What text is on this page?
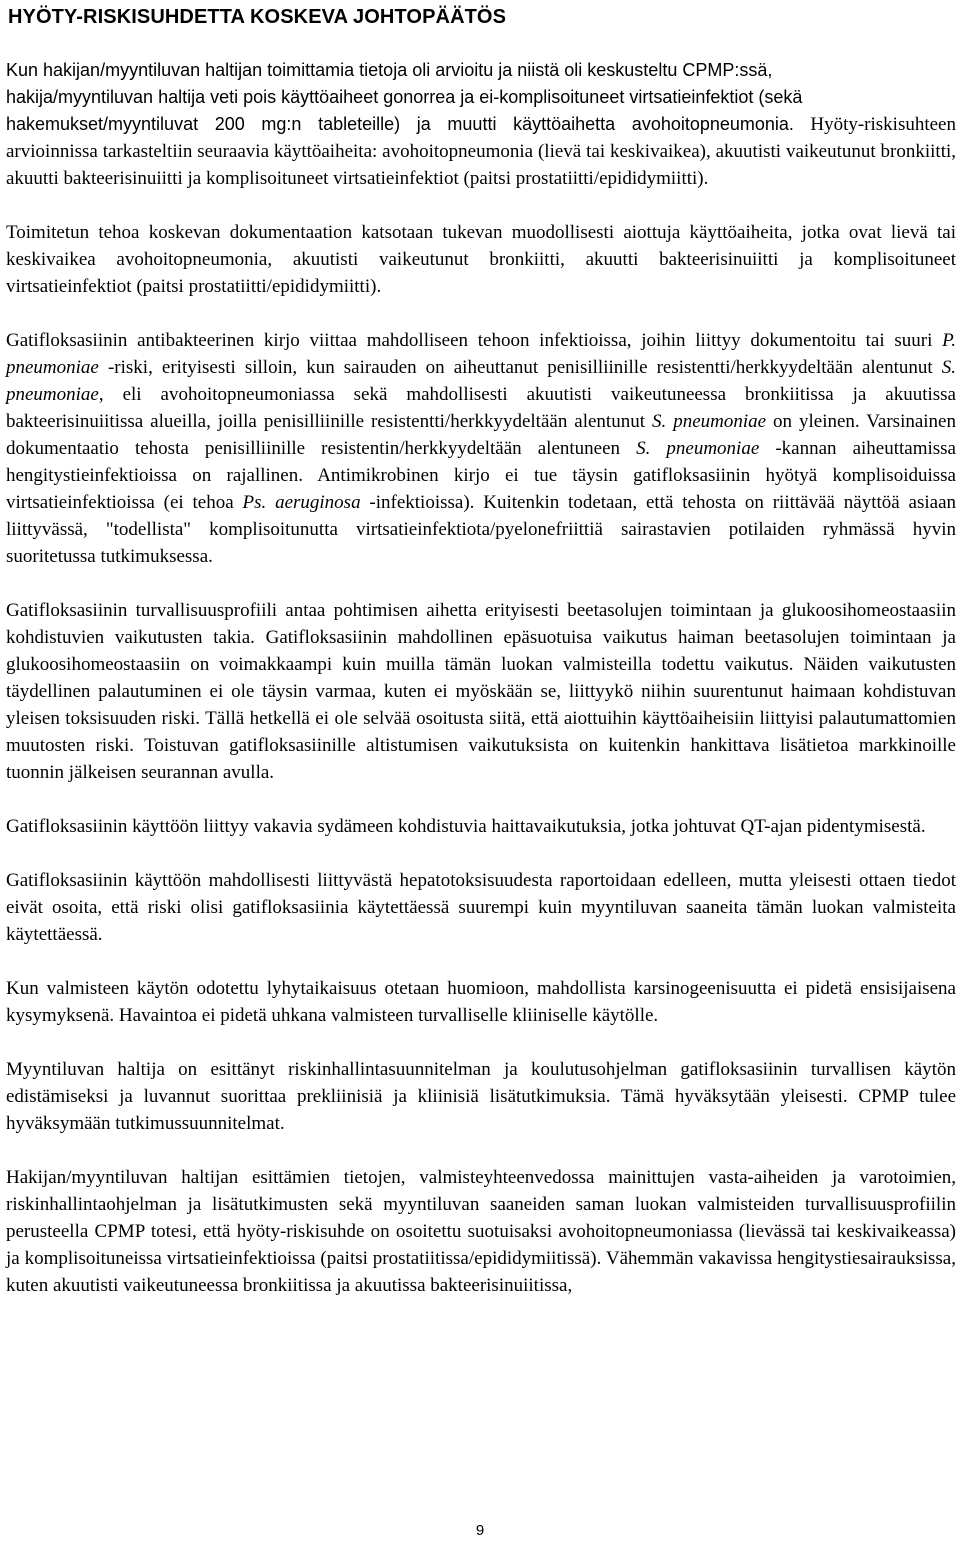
HYÖTY-RISKISUHDETTA KOSKEVA JOHTOPÄÄTÖS
Kun hakijan/myyntiluvan haltijan toimittamia tietoja oli arvioitu ja niistä oli keskusteltu CPMP:ssä,
hakija/myyntiluvan haltija veti pois käyttöaiheet gonorrea ja ei-komplisoituneet virtsatieinfektiot (sekä
hakemukset/myyntiluvat 200 mg:n tableteille) ja muutti käyttöaihetta avohoitopneumonia. Hyöty-riskisuhteen arvioinnissa tarkasteltiin seuraavia käyttöaiheita: avohoitopneumonia (lievä tai keskivaikea), akuutisti vaikeutunut bronkiitti, akuutti bakteerisinuiitti ja komplisoituneet virtsatieinfektiot (paitsi prostatiitti/epididymiitti).

Toimitetun tehoa koskevan dokumentaation katsotaan tukevan muodollisesti aiottuja käyttöaiheita, jotka ovat lievä tai keskivaikea avohoitopneumonia, akuutisti vaikeutunut bronkiitti, akuutti bakteerisinuiitti ja komplisoituneet virtsatieinfektiot (paitsi prostatiitti/epididymiitti).

Gatifloksasiinin antibakteerinen kirjo viittaa mahdolliseen tehoon infektioissa, joihin liittyy dokumentoitu tai suuri P. pneumoniae -riski, erityisesti silloin, kun sairauden on aiheuttanut penisilliinille resistentti/herkkyydeltään alentunut S. pneumoniae, eli avohoitopneumoniassa sekä mahdollisesti akuutisti vaikeutuneessa bronkiitissa ja akuutissa bakteerisinuiitissa alueilla, joilla penisilliinille resistentti/herkkyydeltään alentunut S. pneumoniae on yleinen. Varsinainen dokumentaatio tehosta penisilliinille resistentin/herkkyydeltään alentuneen S. pneumoniae -kannan aiheuttamissa hengitystieinfektioissa on rajallinen. Antimikrobinen kirjo ei tue täysin gatifloksasiinin hyötyä komplisoiduissa virtsatieinfektioissa (ei tehoa Ps. aeruginosa -infektioissa). Kuitenkin todetaan, että tehosta on riittävää näyttöä asiaan liittyvässä, "todellista" komplisoitunutta virtsatieinfektiota/pyelonefriittiä sairastavien potilaiden ryhmässä hyvin suoritetussa tutkimuksessa.

Gatifloksasiinin turvallisuusprofiili antaa pohtimisen aihetta erityisesti beetasolujen toimintaan ja glukoosihomeostaasiin kohdistuvien vaikutusten takia. Gatifloksasiinin mahdollinen epäsuotuisa vaikutus haiman beetasolujen toimintaan ja glukoosihomeostaasiin on voimakkaampi kuin muilla tämän luokan valmisteilla todettu vaikutus. Näiden vaikutusten täydellinen palautuminen ei ole täysin varmaa, kuten ei myöskään se, liittyykö niihin suurentunut haimaan kohdistuvan yleisen toksisuuden riski. Tällä hetkellä ei ole selvää osoitusta siitä, että aiottuihin käyttöaiheisiin liittyisi palautumattomien muutosten riski. Toistuvan gatifloksasiinille altistumisen vaikutuksista on kuitenkin hankittava lisätietoa markkinoille tuonnin jälkeisen seurannan avulla.

Gatifloksasiinin käyttöön liittyy vakavia sydämeen kohdistuvia haittavaikutuksia, jotka johtuvat QT-ajan pidentymisestä.

Gatifloksasiinin käyttöön mahdollisesti liittyvästä hepatotoksisuudesta raportoidaan edelleen, mutta yleisesti ottaen tiedot eivät osoita, että riski olisi gatifloksasiinia käytettäessä suurempi kuin myyntiluvan saaneita tämän luokan valmisteita käytettäessä.

Kun valmisteen käytön odotettu lyhytaikaisuus otetaan huomioon, mahdollista karsinogeenisuutta ei pidetä ensisijaisena kysymyksenä. Havaintoa ei pidetä uhkana valmisteen turvalliselle kliiniselle käytölle.

Myyntiluvan haltija on esittänyt riskinhallintasuunnitelman ja koulutusohjelman gatifloksasiinin turvallisen käytön edistämiseksi ja luvannut suorittaa prekliinisiä ja kliinisiä lisätutkimuksia. Tämä hyväksytään yleisesti. CPMP tulee hyväksymään tutkimussuunnitelmat.

Hakijan/myyntiluvan haltijan esittämien tietojen, valmisteyhteenvedossa mainittujen vasta-aiheiden ja varotoimien, riskinhallintaohjelman ja lisätutkimusten sekä myyntiluvan saaneiden saman luokan valmisteiden turvallisuusprofiilin perusteella CPMP totesi, että hyöty-riskisuhde on osoitettu suotuisaksi avohoitopneumoniassa (lievässä tai keskivaikeassa) ja komplisoituneissa virtsatieinfektioissa (paitsi prostatiitissa/epididymiitissä). Vähemmän vakavissa hengitystiesairauksissa, kuten akuutisti vaikeutuneessa bronkiitissa ja akuutissa bakteerisinuiitissa,

9
